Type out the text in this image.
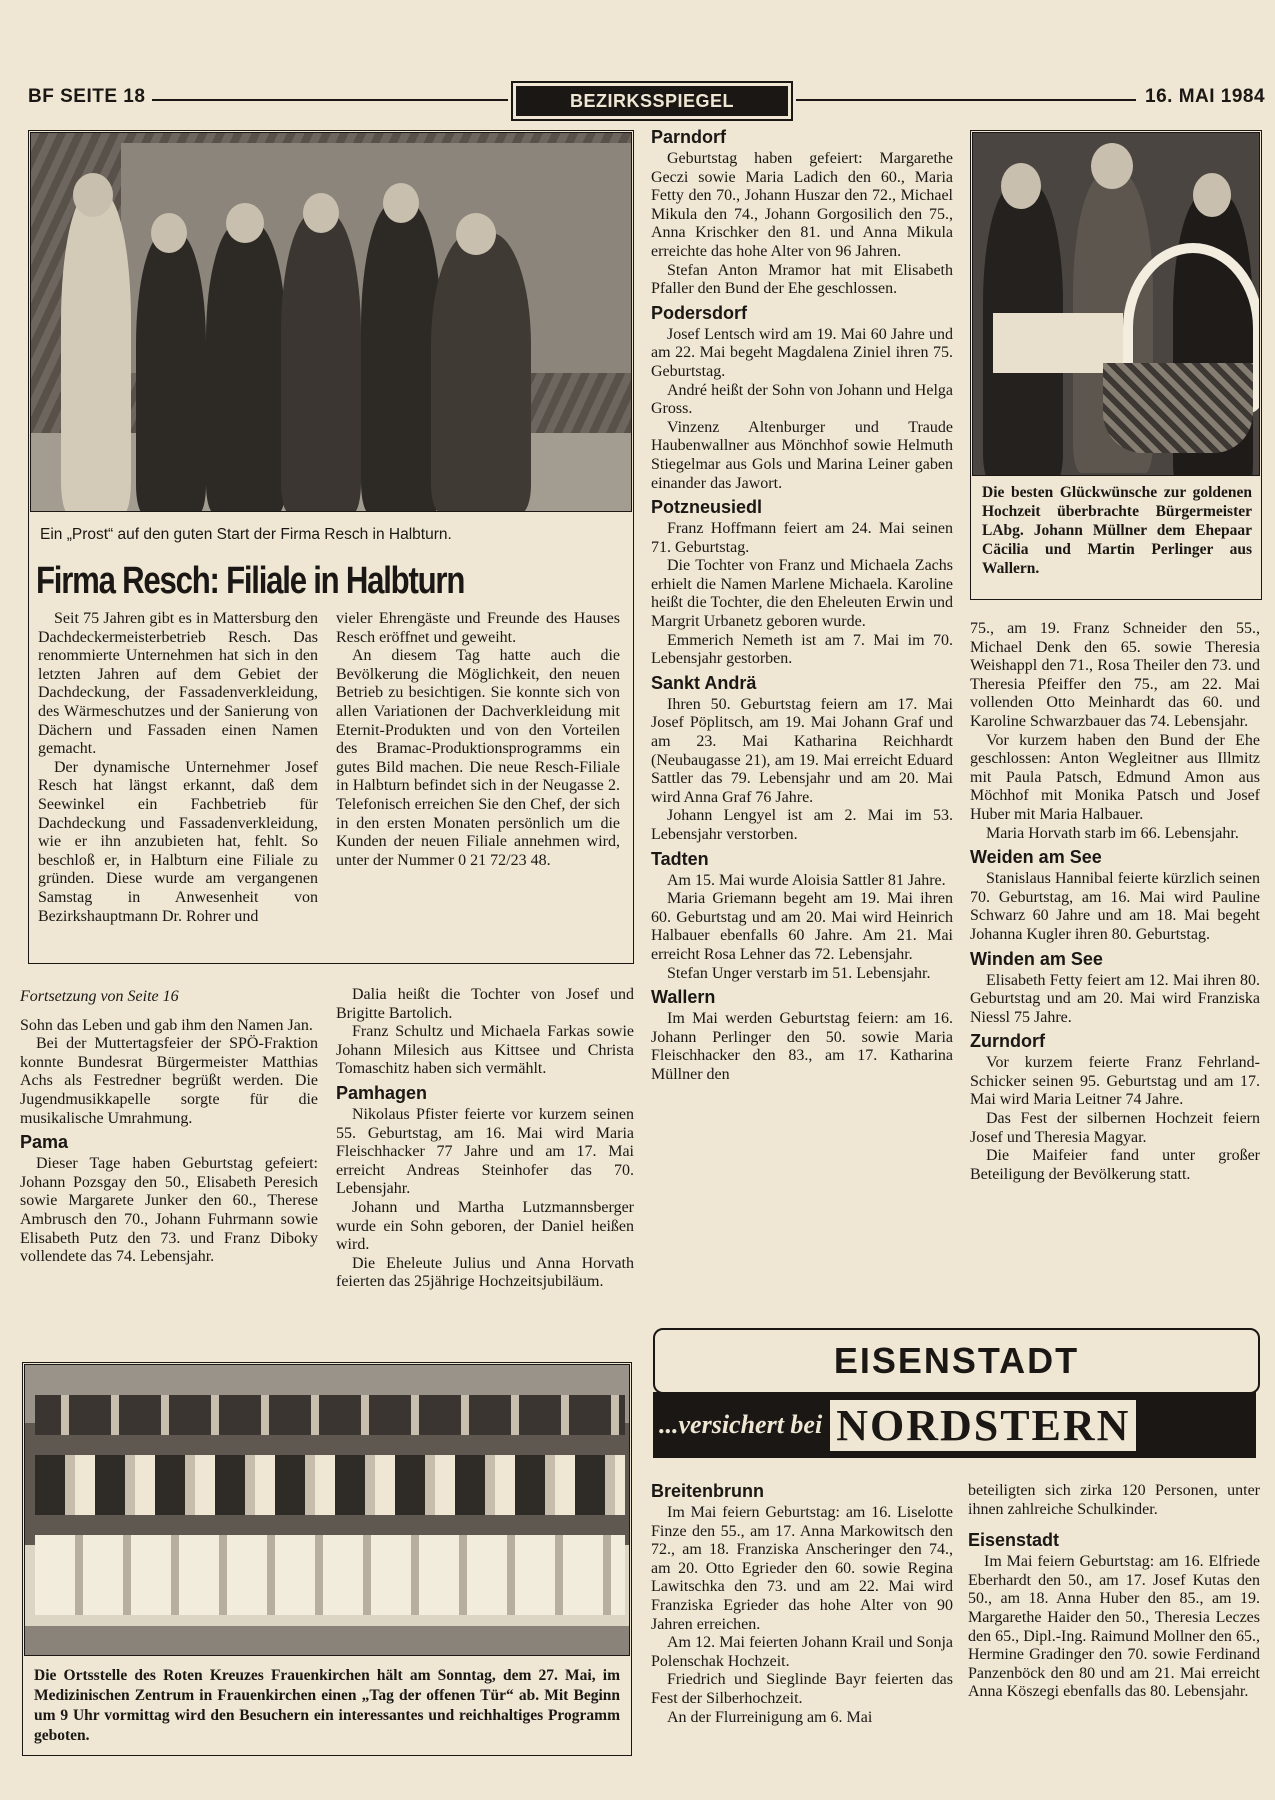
BF SEITE 18	BEZIRKSSPIEGEL	16. MAI 1984
Ein „Prost“ auf den guten Start der Firma Resch in Halbturn.
Firma Resch: Filiale in Halbturn

Seit 75 Jahren gibt es in Mattersburg den Dachdeckermeisterbetrieb Resch. Das renommierte Unternehmen hat sich in den letzten Jahren auf dem Gebiet der Dachdeckung, der Fassadenverkleidung, des Wärmeschutzes und der Sanierung von Dächern und Fassaden einen Namen gemacht.

Der dynamische Unternehmer Josef Resch hat längst erkannt, daß dem Seewinkel ein Fachbetrieb für Dachdeckung und Fassadenverkleidung, wie er ihn anzubieten hat, fehlt. So beschloß er, in Halbturn eine Filiale zu gründen. Diese wurde am vergangenen Samstag in Anwesenheit von Bezirkshauptmann Dr. Rohrer und

vieler Ehrengäste und Freunde des Hauses Resch eröffnet und geweiht.

An diesem Tag hatte auch die Bevölkerung die Möglichkeit, den neuen Betrieb zu besichtigen. Sie konnte sich von allen Variationen der Dachverkleidung mit Eternit-Produkten und von den Vorteilen des Bramac-Produktionsprogramms ein gutes Bild machen. Die neue Resch-Filiale in Halbturn befindet sich in der Neugasse 2. Telefonisch erreichen Sie den Chef, der sich in den ersten Monaten persönlich um die Kunden der neuen Filiale annehmen wird, unter der Nummer 0 21 72/23 48.

Fortsetzung von Seite 16

Sohn das Leben und gab ihm den Namen Jan.

Bei der Muttertagsfeier der SPÖ-Fraktion konnte Bundesrat Bürgermeister Matthias Achs als Festredner begrüßt werden. Die Jugendmusikkapelle sorgte für die musikalische Umrahmung.

Pama

Dieser Tage haben Geburtstag gefeiert: Johann Pozsgay den 50., Elisabeth Peresich sowie Margarete Junker den 60., Therese Ambrusch den 70., Johann Fuhrmann sowie Elisabeth Putz den 73. und Franz Diboky vollendete das 74. Lebensjahr.

Dalia heißt die Tochter von Josef und Brigitte Bartolich.

Franz Schultz und Michaela Farkas sowie Johann Milesich aus Kittsee und Christa Tomaschitz haben sich vermählt.

Pamhagen

Nikolaus Pfister feierte vor kurzem seinen 55. Geburtstag, am 16. Mai wird Maria Fleischhacker 77 Jahre und am 17. Mai erreicht Andreas Steinhofer das 70. Lebensjahr.

Johann und Martha Lutzmannsberger wurde ein Sohn geboren, der Daniel heißen wird.

Die Eheleute Julius und Anna Horvath feierten das 25jährige Hochzeitsjubiläum.

Die Ortsstelle des Roten Kreuzes Frauenkirchen hält am Sonntag, dem 27. Mai, im Medizinischen Zentrum in Frauenkirchen einen „Tag der offenen Tür“ ab. Mit Beginn um 9 Uhr vormittag wird den Besuchern ein interessantes und reichhaltiges Programm geboten.
Parndorf

Geburtstag haben gefeiert: Margarethe Geczi sowie Maria Ladich den 60., Maria Fetty den 70., Johann Huszar den 72., Michael Mikula den 74., Johann Gorgosilich den 75., Anna Krischker den 81. und Anna Mikula erreichte das hohe Alter von 96 Jahren.

Stefan Anton Mramor hat mit Elisabeth Pfaller den Bund der Ehe geschlossen.

Podersdorf

Josef Lentsch wird am 19. Mai 60 Jahre und am 22. Mai begeht Magdalena Ziniel ihren 75. Geburtstag.

André heißt der Sohn von Johann und Helga Gross.

Vinzenz Altenburger und Traude Haubenwallner aus Mönchhof sowie Helmuth Stiegelmar aus Gols und Marina Leiner gaben einander das Jawort.

Potzneusiedl

Franz Hoffmann feiert am 24. Mai seinen 71. Geburtstag.

Die Tochter von Franz und Michaela Zachs erhielt die Namen Marlene Michaela. Karoline heißt die Tochter, die den Eheleuten Erwin und Margrit Urbanetz geboren wurde.

Emmerich Nemeth ist am 7. Mai im 70. Lebensjahr gestorben.

Sankt Andrä

Ihren 50. Geburtstag feiern am 17. Mai Josef Pöplitsch, am 19. Mai Johann Graf und am 23. Mai Katharina Reichhardt (Neubaugasse 21), am 19. Mai erreicht Eduard Sattler das 79. Lebensjahr und am 20. Mai wird Anna Graf 76 Jahre.

Johann Lengyel ist am 2. Mai im 53. Lebensjahr verstorben.

Tadten

Am 15. Mai wurde Aloisia Sattler 81 Jahre.

Maria Griemann begeht am 19. Mai ihren 60. Geburtstag und am 20. Mai wird Heinrich Halbauer ebenfalls 60 Jahre. Am 21. Mai erreicht Rosa Lehner das 72. Lebensjahr.

Stefan Unger verstarb im 51. Lebensjahr.

Wallern

Im Mai werden Geburtstag feiern: am 16. Johann Perlinger den 50. sowie Maria Fleischhacker den 83., am 17. Katharina Müllner den

Die besten Glückwünsche zur goldenen Hochzeit überbrachte Bürgermeister LAbg. Johann Müllner dem Ehepaar Cäcilia und Martin Perlinger aus Wallern.

75., am 19. Franz Schneider den 55., Michael Denk den 65. sowie Theresia Weishappl den 71., Rosa Theiler den 73. und Theresia Pfeiffer den 75., am 22. Mai vollenden Otto Meinhardt das 60. und Karoline Schwarzbauer das 74. Lebensjahr.

Vor kurzem haben den Bund der Ehe geschlossen: Anton Wegleitner aus Illmitz mit Paula Patsch, Edmund Amon aus Möchhof mit Monika Patsch und Josef Huber mit Maria Halbauer.

Maria Horvath starb im 66. Lebensjahr.

Weiden am See

Stanislaus Hannibal feierte kürzlich seinen 70. Geburtstag, am 16. Mai wird Pauline Schwarz 60 Jahre und am 18. Mai begeht Johanna Kugler ihren 80. Geburtstag.

Winden am See

Elisabeth Fetty feiert am 12. Mai ihren 80. Geburtstag und am 20. Mai wird Franziska Niessl 75 Jahre.

Zurndorf

Vor kurzem feierte Franz Fehrland-Schicker seinen 95. Geburtstag und am 17. Mai wird Maria Leitner 74 Jahre.

Das Fest der silbernen Hochzeit feiern Josef und Theresia Magyar.

Die Maifeier fand unter großer Beteiligung der Bevölkerung statt.

EISENSTADT
...versichert bei NORDSTERN
Breitenbrunn

Im Mai feiern Geburtstag: am 16. Liselotte Finze den 55., am 17. Anna Markowitsch den 72., am 18. Franziska Anscheringer den 74., am 20. Otto Egrieder den 60. sowie Regina Lawitschka den 73. und am 22. Mai wird Franziska Egrieder das hohe Alter von 90 Jahren erreichen.

Am 12. Mai feierten Johann Krail und Sonja Polenschak Hochzeit.

Friedrich und Sieglinde Bayr feierten das Fest der Silberhochzeit.

An der Flurreinigung am 6. Mai

beteiligten sich zirka 120 Personen, unter ihnen zahlreiche Schulkinder.

Eisenstadt

Im Mai feiern Geburtstag: am 16. Elfriede Eberhardt den 50., am 17. Josef Kutas den 50., am 18. Anna Huber den 85., am 19. Margarethe Haider den 50., Theresia Leczes den 65., Dipl.-Ing. Raimund Mollner den 65., Hermine Gradinger den 70. sowie Ferdinand Panzenböck den 80 und am 21. Mai erreicht Anna Köszegi ebenfalls das 80. Lebensjahr.
